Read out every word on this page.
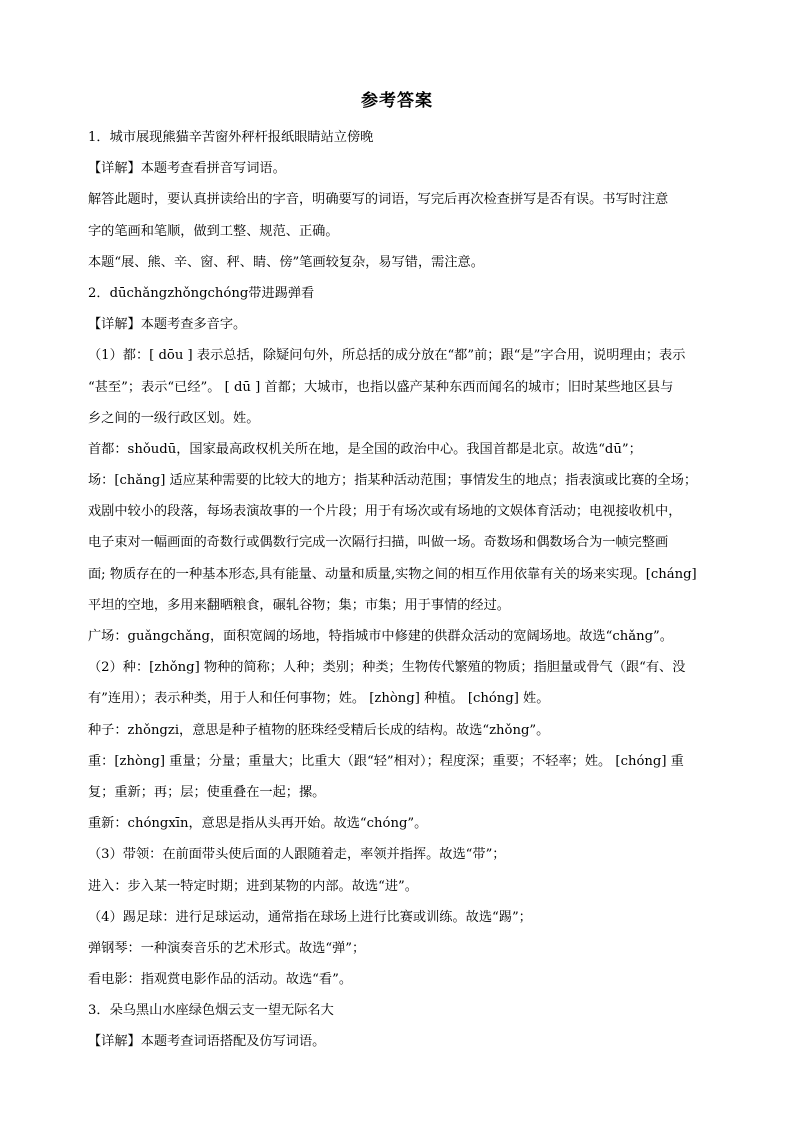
参考答案
1．城市展现熊猫辛苦窗外秤杆报纸眼睛站立傍晚
【详解】本题考查看拼音写词语。
解答此题时，要认真拼读给出的字音，明确要写的词语，写完后再次检查拼写是否有误。书写时注意
字的笔画和笔顺，做到工整、规范、正确。
本题“展、熊、辛、窗、秤、睛、傍”笔画较复杂，易写错，需注意。
2．dūchǎngzhǒngchóng带进踢弹看
【详解】本题考查多音字。
（1）都：[ dōu ] 表示总括，除疑问句外，所总括的成分放在“都”前；跟“是”字合用，说明理由；表示
“甚至”；表示“已经”。 [ dū ] 首都；大城市，也指以盛产某种东西而闻名的城市；旧时某些地区县与
乡之间的一级行政区划。姓。
首都：shǒudū，国家最高政权机关所在地，是全国的政治中心。我国首都是北京。故选“dū”；
场：[chǎng] 适应某种需要的比较大的地方；指某种活动范围；事情发生的地点；指表演或比赛的全场；
戏剧中较小的段落，每场表演故事的一个片段；用于有场次或有场地的文娱体育活动；电视接收机中，
电子束对一幅画面的奇数行或偶数行完成一次隔行扫描，叫做一场。奇数场和偶数场合为一帧完整画
面; 物质存在的一种基本形态,具有能量、动量和质量,实物之间的相互作用依靠有关的场来实现。[cháng]
平坦的空地，多用来翻晒粮食，碾轧谷物；集；市集；用于事情的经过。
广场：guǎngchǎng，面积宽阔的场地，特指城市中修建的供群众活动的宽阔场地。故选“chǎng”。
（2）种：[zhǒng] 物种的简称；人种；类别；种类；生物传代繁殖的物质；指胆量或骨气（跟“有、没
有”连用）；表示种类，用于人和任何事物；姓。 [zhòng] 种植。 [chóng] 姓。
种子：zhǒngzi，意思是种子植物的胚珠经受精后长成的结构。故选“zhǒng”。
重：[zhòng] 重量；分量；重量大；比重大（跟“轻”相对）；程度深；重要；不轻率；姓。 [chóng] 重
复；重新；再；层；使重叠在一起；摞。
重新：chóngxīn，意思是指从头再开始。故选“chóng”。
（3）带领：在前面带头使后面的人跟随着走，率领并指挥。故选“带”；
进入：步入某一特定时期；进到某物的内部。故选“进”。
（4）踢足球：进行足球运动，通常指在球场上进行比赛或训练。故选“踢”；
弹钢琴：一种演奏音乐的艺术形式。故选“弹”；
看电影：指观赏电影作品的活动。故选“看”。
3．朵乌黑山水座绿色烟云支一望无际名大
【详解】本题考查词语搭配及仿写词语。
